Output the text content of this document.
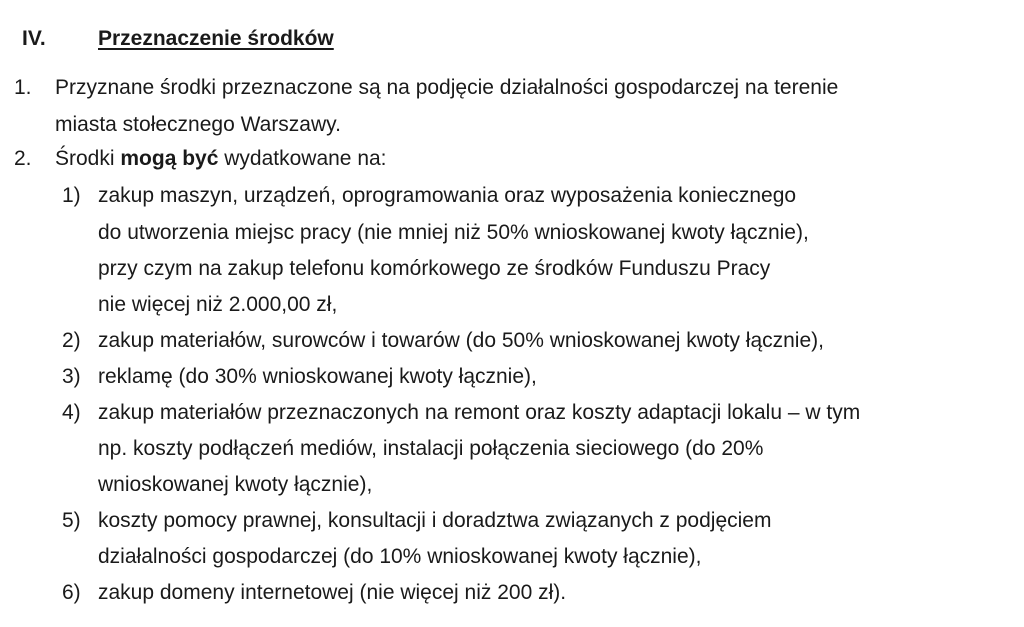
IV. Przeznaczenie środków
1. Przyznane środki przeznaczone są na podjęcie działalności gospodarczej na terenie
miasta stołecznego Warszawy.
2. Środki mogą być wydatkowane na:
1) zakup maszyn, urządzeń, oprogramowania oraz wyposażenia koniecznego
do utworzenia miejsc pracy (nie mniej niż 50% wnioskowanej kwoty łącznie),
przy czym na zakup telefonu komórkowego ze środków Funduszu Pracy
nie więcej niż 2.000,00 zł,
2) zakup materiałów, surowców i towarów (do 50% wnioskowanej kwoty łącznie),
3) reklamę (do 30% wnioskowanej kwoty łącznie),
4) zakup materiałów przeznaczonych na remont oraz koszty adaptacji lokalu – w tym
np. koszty podłączeń mediów, instalacji połączenia sieciowego (do 20%
wnioskowanej kwoty łącznie),
5) koszty pomocy prawnej, konsultacji i doradztwa związanych z podjęciem
działalności gospodarczej (do 10% wnioskowanej kwoty łącznie),
6) zakup domeny internetowej (nie więcej niż 200 zł).
